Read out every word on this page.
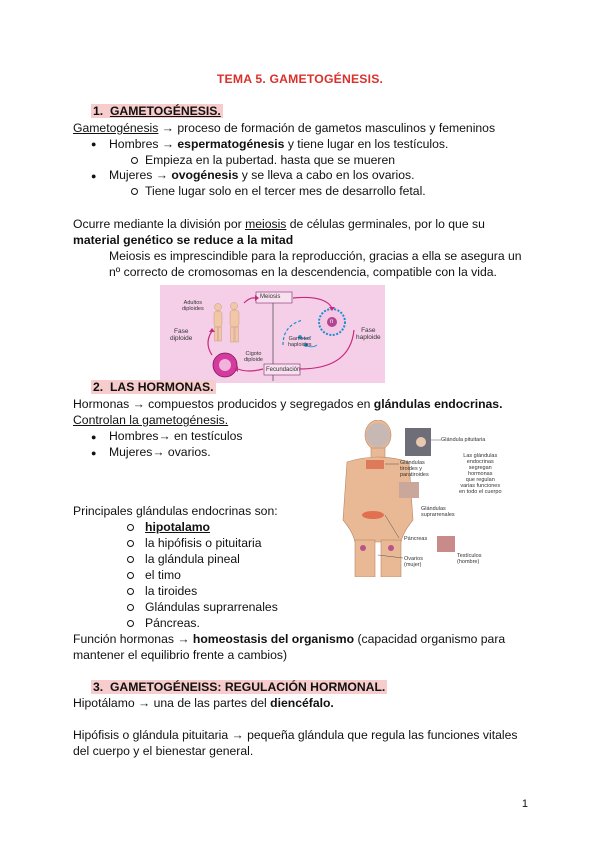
TEMA 5. GAMETOGÉNESIS.
1. GAMETOGÉNESIS.
Gametogénesis → proceso de formación de gametos masculinos y femeninos
● Hombres → espermatogénesis y tiene lugar en los testículos.
Empieza en la pubertad. hasta que se mueren
● Mujeres → ovogénesis y se lleva a cabo en los ovarios.
Tiene lugar solo en el tercer mes de desarrollo fetal.
Ocurre mediante la división por meiosis de células germinales, por lo que su
material genético se reduce a la mitad
Meiosis es imprescindible para la reproducción, gracias a ella se asegura un
nº correcto de cromosomas en la descendencia, compatible con la vida.
Adultos
diploides
Meiosis
Fase
diploide
Fase
haploide
Cigoto
diploide
Gametos
haploides
Fecundación
n
2. LAS HORMONAS.
Hormonas → compuestos producidos y segregados en glándulas endocrinas.
Controlan la gametogénesis.
● Hombres→ en testículos
● Mujeres→ ovarios.
Principales glándulas endocrinas son:
hipotalamo
la hipófisis o pituitaria
la glándula pineal
el timo
la tiroides
Glándulas suprarrenales
Páncreas.
Función hormonas → homeostasis del organismo (capacidad organismo para
mantener el equilibrio frente a cambios)
Glándula pituitaria
Las glándulas
endocrinas
segregan
hormonas
que regulan
varias funciones
en todo el cuerpo
Glándulas
tiroides y
paratiroides
Glándulas
suprarrenales
Páncreas
Ovarios
(mujer)
Testículos
(hombre)
3. GAMETOGÉNEISS: REGULACIÓN HORMONAL.
Hipotálamo → una de las partes del diencéfalo.
Hipófisis o glándula pituitaria → pequeña glándula que regula las funciones vitales
del cuerpo y el bienestar general.
1
